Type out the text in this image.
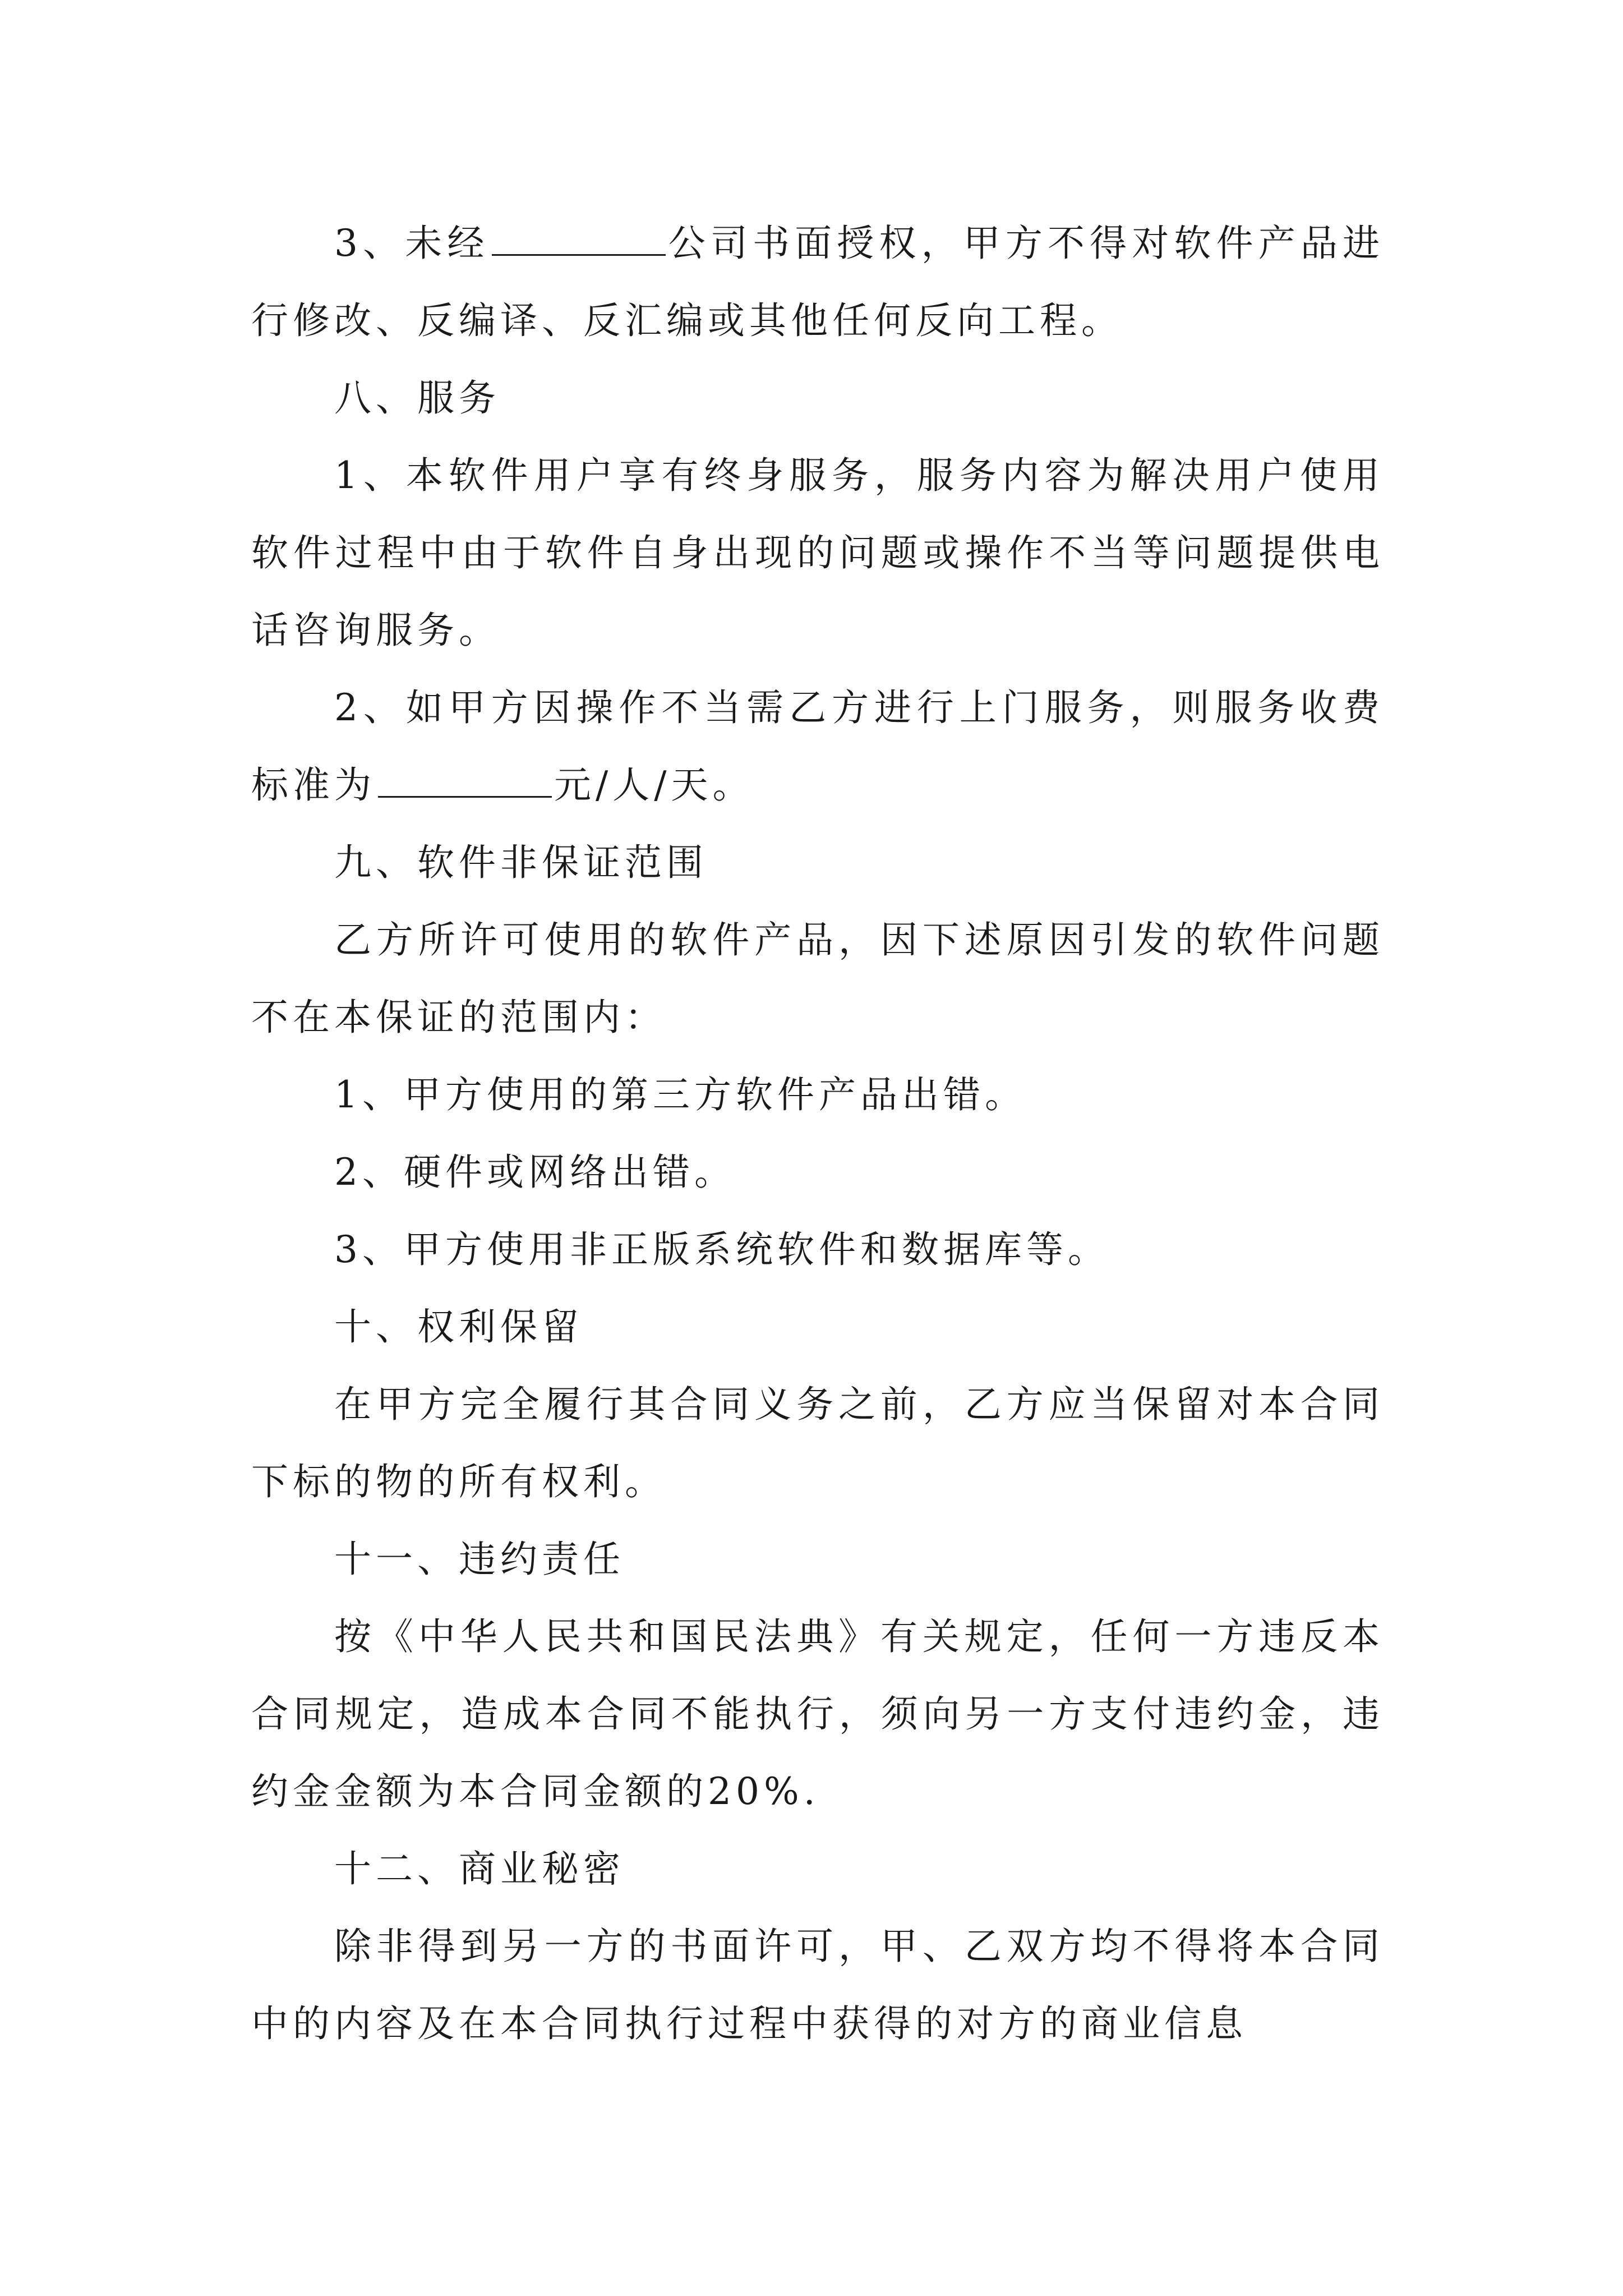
3、未经	公司书面授权，甲方不得对软件产品进行修改、反编译、反汇编或其他任何反向工程。

八、服务

1、本软件用户享有终身服务，服务内容为解决用户使用软件过程中由于软件自身出现的问题或操作不当等问题提供电话咨询服务。

2、如甲方因操作不当需乙方进行上门服务，则服务收费标准为	元/人/天。

九、软件非保证范围

乙方所许可使用的软件产品，因下述原因引发的软件问题不在本保证的范围内：

1、甲方使用的第三方软件产品出错。

2、硬件或网络出错。

3、甲方使用非正版系统软件和数据库等。

十、权利保留

在甲方完全履行其合同义务之前，乙方应当保留对本合同下标的物的所有权利。

十一、违约责任

按《中华人民共和国民法典》有关规定，任何一方违反本合同规定，造成本合同不能执行，须向另一方支付违约金，违约金金额为本合同金额的20%.

十二、商业秘密

除非得到另一方的书面许可，甲、乙双方均不得将本合同中的内容及在本合同执行过程中获得的对方的商业信息
